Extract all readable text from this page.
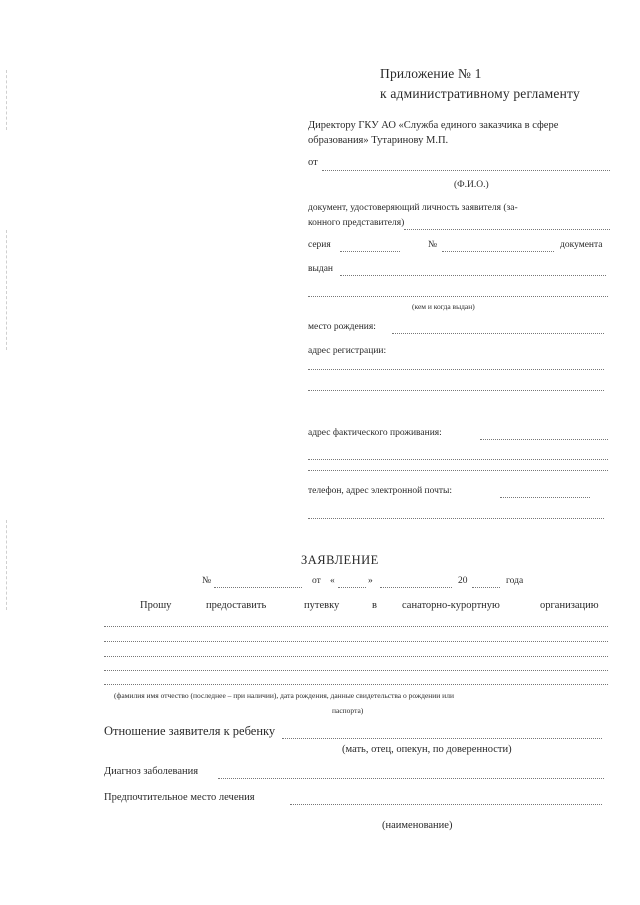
Приложение № 1
к административному регламенту
Директору ГКУ АО «Служба единого заказчика в сфере
образования» Тутаринову М.П.
от
(Ф.И.О.)
документ, удостоверяющий личность заявителя (за-
конного представителя)
серия	№	документа
выдан
(кем и когда выдан)
место рождения:
адрес регистрации:
адрес фактического проживания:
телефон, адрес электронной почты:
ЗАЯВЛЕНИЕ
№	от «	»	20	года
Прошу	предоставить	путевку	в санаторно-курортную	организацию
(фамилия имя отчество (последнее – при наличии), дата рождения, данные свидетельства о рождении или
паспорта)
Отношение заявителя к ребенку
(мать, отец, опекун, по доверенности)
Диагноз заболевания
Предпочтительное место лечения
(наименование)
